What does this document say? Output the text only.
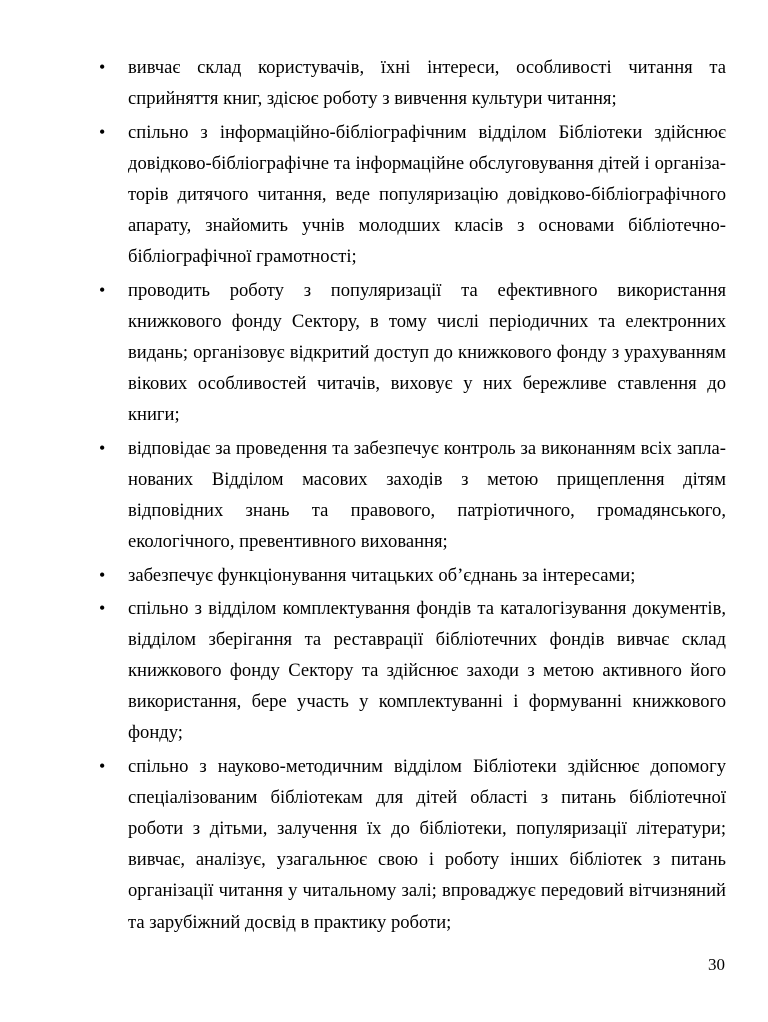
• вивчає склад користувачів, їхні інтереси, особливості читання та сприйняття книг, здісює роботу з вивчення культури читання;
• спільно з інформаційно-бібліографічним відділом Бібліотеки здійснює довідково-бібліографічне та інформаційне обслуговування дітей і організаторів дитячого читання, веде популяризацію довідково-бібліографічного апарату, знайомить учнів молодших класів з основами бібліотечно-бібліографічної грамотності;
• проводить роботу з популяризації та ефективного використання книжкового фонду Сектору, в тому числі періодичних та електронних видань; організовує відкритий доступ до книжкового фонду з урахуванням вікових особливостей читачів, виховує у них бережливе ставлення до книги;
• відповідає за проведення та забезпечує контроль за виконанням всіх запланованих Відділом масових заходів з метою прищеплення дітям відповідних знань та правового, патріотичного, громадянського, екологічного, превентивного виховання;
• забезпечує функціонування читацьких об’єднань за інтересами;
• спільно з відділом комплектування фондів та каталогізування документів, відділом зберігання та реставрації бібліотечних фондів вивчає склад книжкового фонду Сектору та здійснює заходи з метою активного його використання, бере участь у комплектуванні і формуванні книжкового фонду;
• спільно з науково-методичним відділом Бібліотеки здійснює допомогу спеціалізованим бібліотекам для дітей області з питань бібліотечної роботи з дітьми, залучення їх до бібліотеки, популяризації літератури; вивчає, аналізує, узагальнює свою і роботу інших бібліотек з питань організації читання у читальному залі; впроваджує передовий вітчизняний та зарубіжний досвід в практику роботи;
30
